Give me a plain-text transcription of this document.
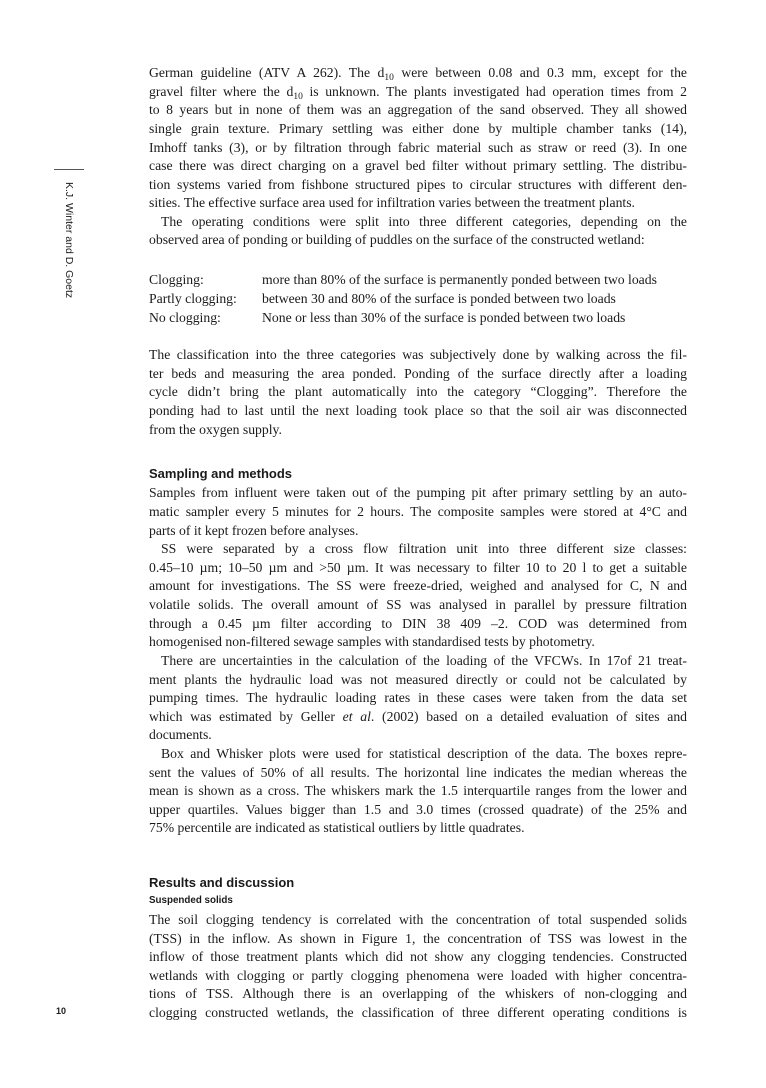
K.J. Winter and D. Goetz
10
German guideline (ATV A 262). The $d_{10}$ were between 0.08 and 0.3 mm, except for the
gravel filter where the $d_{10}$ is unknown. The plants investigated had operation times from 2
to 8 years but in none of them was an aggregation of the sand observed. They all showed
single grain texture. Primary settling was either done by multiple chamber tanks (14),
Imhoff tanks (3), or by filtration through fabric material such as straw or reed (3). In one
case there was direct charging on a gravel bed filter without primary settling. The distribu-
tion systems varied from fishbone structured pipes to circular structures with different den-
sities. The effective surface area used for infiltration varies between the treatment plants.
The operating conditions were split into three different categories, depending on the
observed area of ponding or building of puddles on the surface of the constructed wetland:
Clogging:	more than 80% of the surface is permanently ponded between two loads
Partly clogging: between 30 and 80% of the surface is ponded between two loads
No clogging:	None or less than 30% of the surface is ponded between two loads
The classification into the three categories was subjectively done by walking across the fil-
ter beds and measuring the area ponded. Ponding of the surface directly after a loading
cycle didn’t bring the plant automatically into the category “Clogging”. Therefore the
ponding had to last until the next loading took place so that the soil air was disconnected
from the oxygen supply.
Sampling and methods
Samples from influent were taken out of the pumping pit after primary settling by an auto-
matic sampler every 5 minutes for 2 hours. The composite samples were stored at 4°C and
parts of it kept frozen before analyses.
SS were separated by a cross flow filtration unit into three different size classes:
0.45–10 µm; 10–50 µm and >50 µm. It was necessary to filter 10 to 20 l to get a suitable
amount for investigations. The SS were freeze-dried, weighed and analysed for C, N and
volatile solids. The overall amount of SS was analysed in parallel by pressure filtration
through a 0.45 µm filter according to DIN 38 409 –2. COD was determined from
homogenised non-filtered sewage samples with standardised tests by photometry.
There are uncertainties in the calculation of the loading of the VFCWs. In 17of 21 treat-
ment plants the hydraulic load was not measured directly or could not be calculated by
pumping times. The hydraulic loading rates in these cases were taken from the data set
which was estimated by Geller et al. (2002) based on a detailed evaluation of sites and
documents.
Box and Whisker plots were used for statistical description of the data. The boxes repre-
sent the values of 50% of all results. The horizontal line indicates the median whereas the
mean is shown as a cross. The whiskers mark the 1.5 interquartile ranges from the lower and
upper quartiles. Values bigger than 1.5 and 3.0 times (crossed quadrate) of the 25% and
75% percentile are indicated as statistical outliers by little quadrates.
Results and discussion
Suspended solids
The soil clogging tendency is correlated with the concentration of total suspended solids
(TSS) in the inflow. As shown in Figure 1, the concentration of TSS was lowest in the
inflow of those treatment plants which did not show any clogging tendencies. Constructed
wetlands with clogging or partly clogging phenomena were loaded with higher concentra-
tions of TSS. Although there is an overlapping of the whiskers of non-clogging and
clogging constructed wetlands, the classification of three different operating conditions is
